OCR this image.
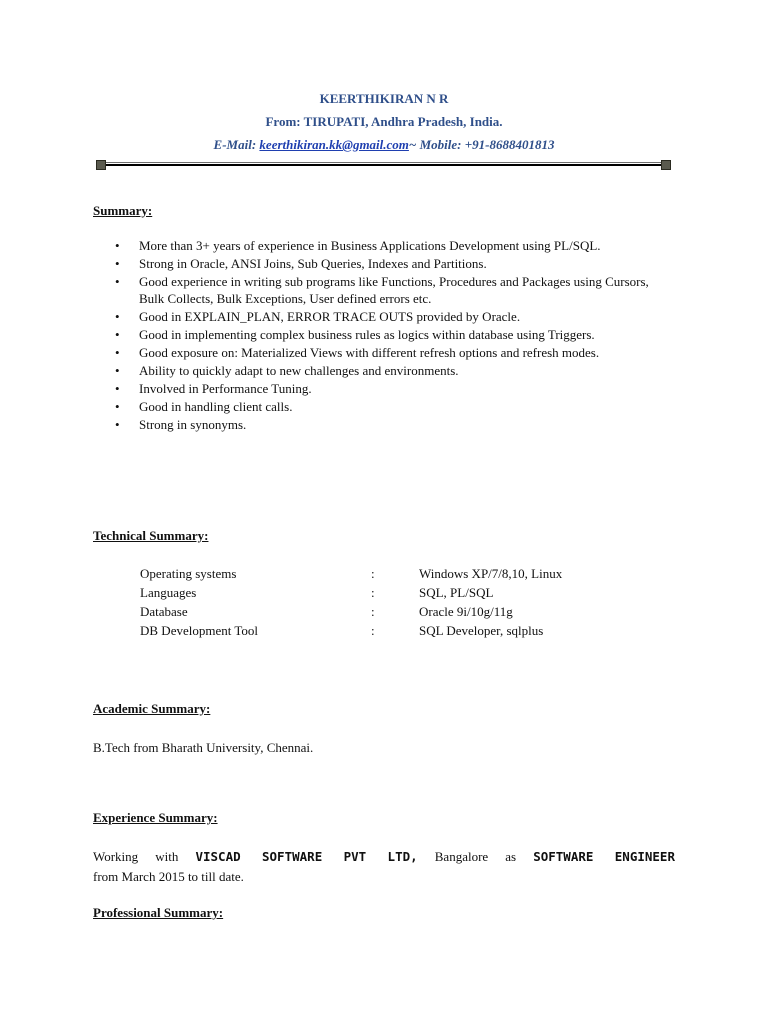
KEERTHIKIRAN N R
From: TIRUPATI, Andhra Pradesh, India.
E-Mail: keerthikiran.kk@gmail.com~ Mobile: +91-8688401813
Summary:
• More than 3+ years of experience in Business Applications Development using PL/SQL.
• Strong in Oracle, ANSI Joins, Sub Queries, Indexes and Partitions.
• Good experience in writing sub programs like Functions, Procedures and Packages using Cursors, Bulk Collects, Bulk Exceptions, User defined errors etc.
• Good in EXPLAIN_PLAN, ERROR TRACE OUTS provided by Oracle.
• Good in implementing complex business rules as logics within database using Triggers.
• Good exposure on: Materialized Views with different refresh options and refresh modes.
• Ability to quickly adapt to new challenges and environments.
• Involved in Performance Tuning.
• Good in handling client calls.
• Strong in synonyms.
Technical Summary:
Operating systems	:	Windows XP/7/8,10, Linux
Languages	:	SQL, PL/SQL
Database	:	Oracle 9i/10g/11g
DB Development Tool	:	SQL Developer, sqlplus
Academic Summary:
B.Tech from Bharath University, Chennai.
Experience Summary:
Working with VISCAD SOFTWARE PVT LTD, Bangalore as SOFTWARE ENGINEER
from March 2015 to till date.
Professional Summary:
